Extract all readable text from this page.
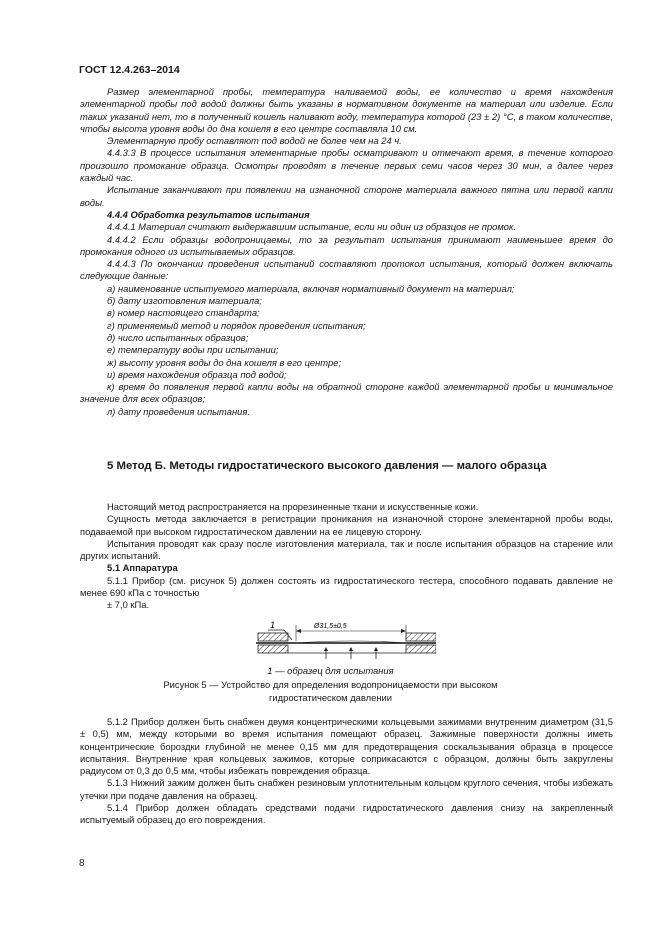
ГОСТ 12.4.263–2014

Размер элементарной пробы, температура наливаемой воды, ее количество и время нахождения элементарной пробы под водой должны быть указаны в нормативном документе на материал или изделие. Если таких указаний нет, то в полученный кошель наливают воду, температура которой (23 ± 2) °С, в таком количестве, чтобы высота уровня воды до дна кошеля в его центре составляла 10 см.

Элементарную пробу оставляют под водой не более чем на 24 ч.

4.4.3.3 В процессе испытания элементарные пробы осматривают и отмечают время, в течение которого произошло промокание образца. Осмотры проводят в течение первых семи часов через 30 мин, а далее через каждый час.

Испытание заканчивают при появлении на изнаночной стороне материала важного пятна или первой капли воды.

4.4.4 Обработка результатов испытания

4.4.4.1 Материал считают выдержавшим испытание, если ни один из образцов не промок.

4.4.4.2 Если образцы водопроницаемы, то за результат испытания принимают наименьшее время до промокания одного из испытываемых образцов.

4.4.4.3 По окончании проведения испытаний составляют протокол испытания, который должен включать следующие данные:

а) наименование испытуемого материала, включая нормативный документ на материал;

б) дату изготовления материала;

в) номер настоящего стандарта;

г) применяемый метод и порядок проведения испытания;

д) число испытанных образцов;

е) температуру воды при испытании;

ж) высоту уровня воды до дна кошеля в его центре;

и) время нахождения образца под водой;

к) время до появления первой капли воды на обратной стороне каждой элементарной пробы и минимальное значение для всех образцов;

л) дату проведения испытания.

5 Метод Б. Методы гидростатического высокого давления — малого образца

Настоящий метод распространяется на прорезиненные ткани и искусственные кожи.

Сущность метода заключается в регистрации проникания на изнаночной стороне элементарной пробы воды, подаваемой при высоком гидростатическом давлении на ее лицевую сторону.

Испытания проводят как сразу после изготовления материала, так и после испытания образцов на старение или других испытаний.

5.1 Аппаратура

5.1.1 Прибор (см. рисунок 5) должен состоять из гидростатического тестера, способного подавать давление не менее 690 кПа с точностью

± 7,0 кПа.

1	Ø31,5±0,5
1 — образец для испытания
Рисунок 5 — Устройство для определения водопроницаемости при высоком
гидростатическом давлении

5.1.2 Прибор должен быть снабжен двумя концентрическими кольцевыми зажимами внутренним диаметром (31,5 ± 0,5) мм, между которыми во время испытания помещают образец. Зажимные поверхности должны иметь концентрические бороздки глубиной не менее 0,15 мм для предотвращения соскальзывания образца в процессе испытания. Внутренние края кольцевых зажимов, которые соприкасаются с образцом, должны быть закруглены радиусом от 0,3 до 0,5 мм, чтобы избежать повреждения образца.

5.1.3 Нижний зажим должен быть снабжен резиновым уплотнительным кольцом круглого сечения, чтобы избежать утечки при подаче давления на образец.

5.1.4 Прибор должен обладать средствами подачи гидростатического давления снизу на закрепленный испытуемый образец до его повреждения.

8
